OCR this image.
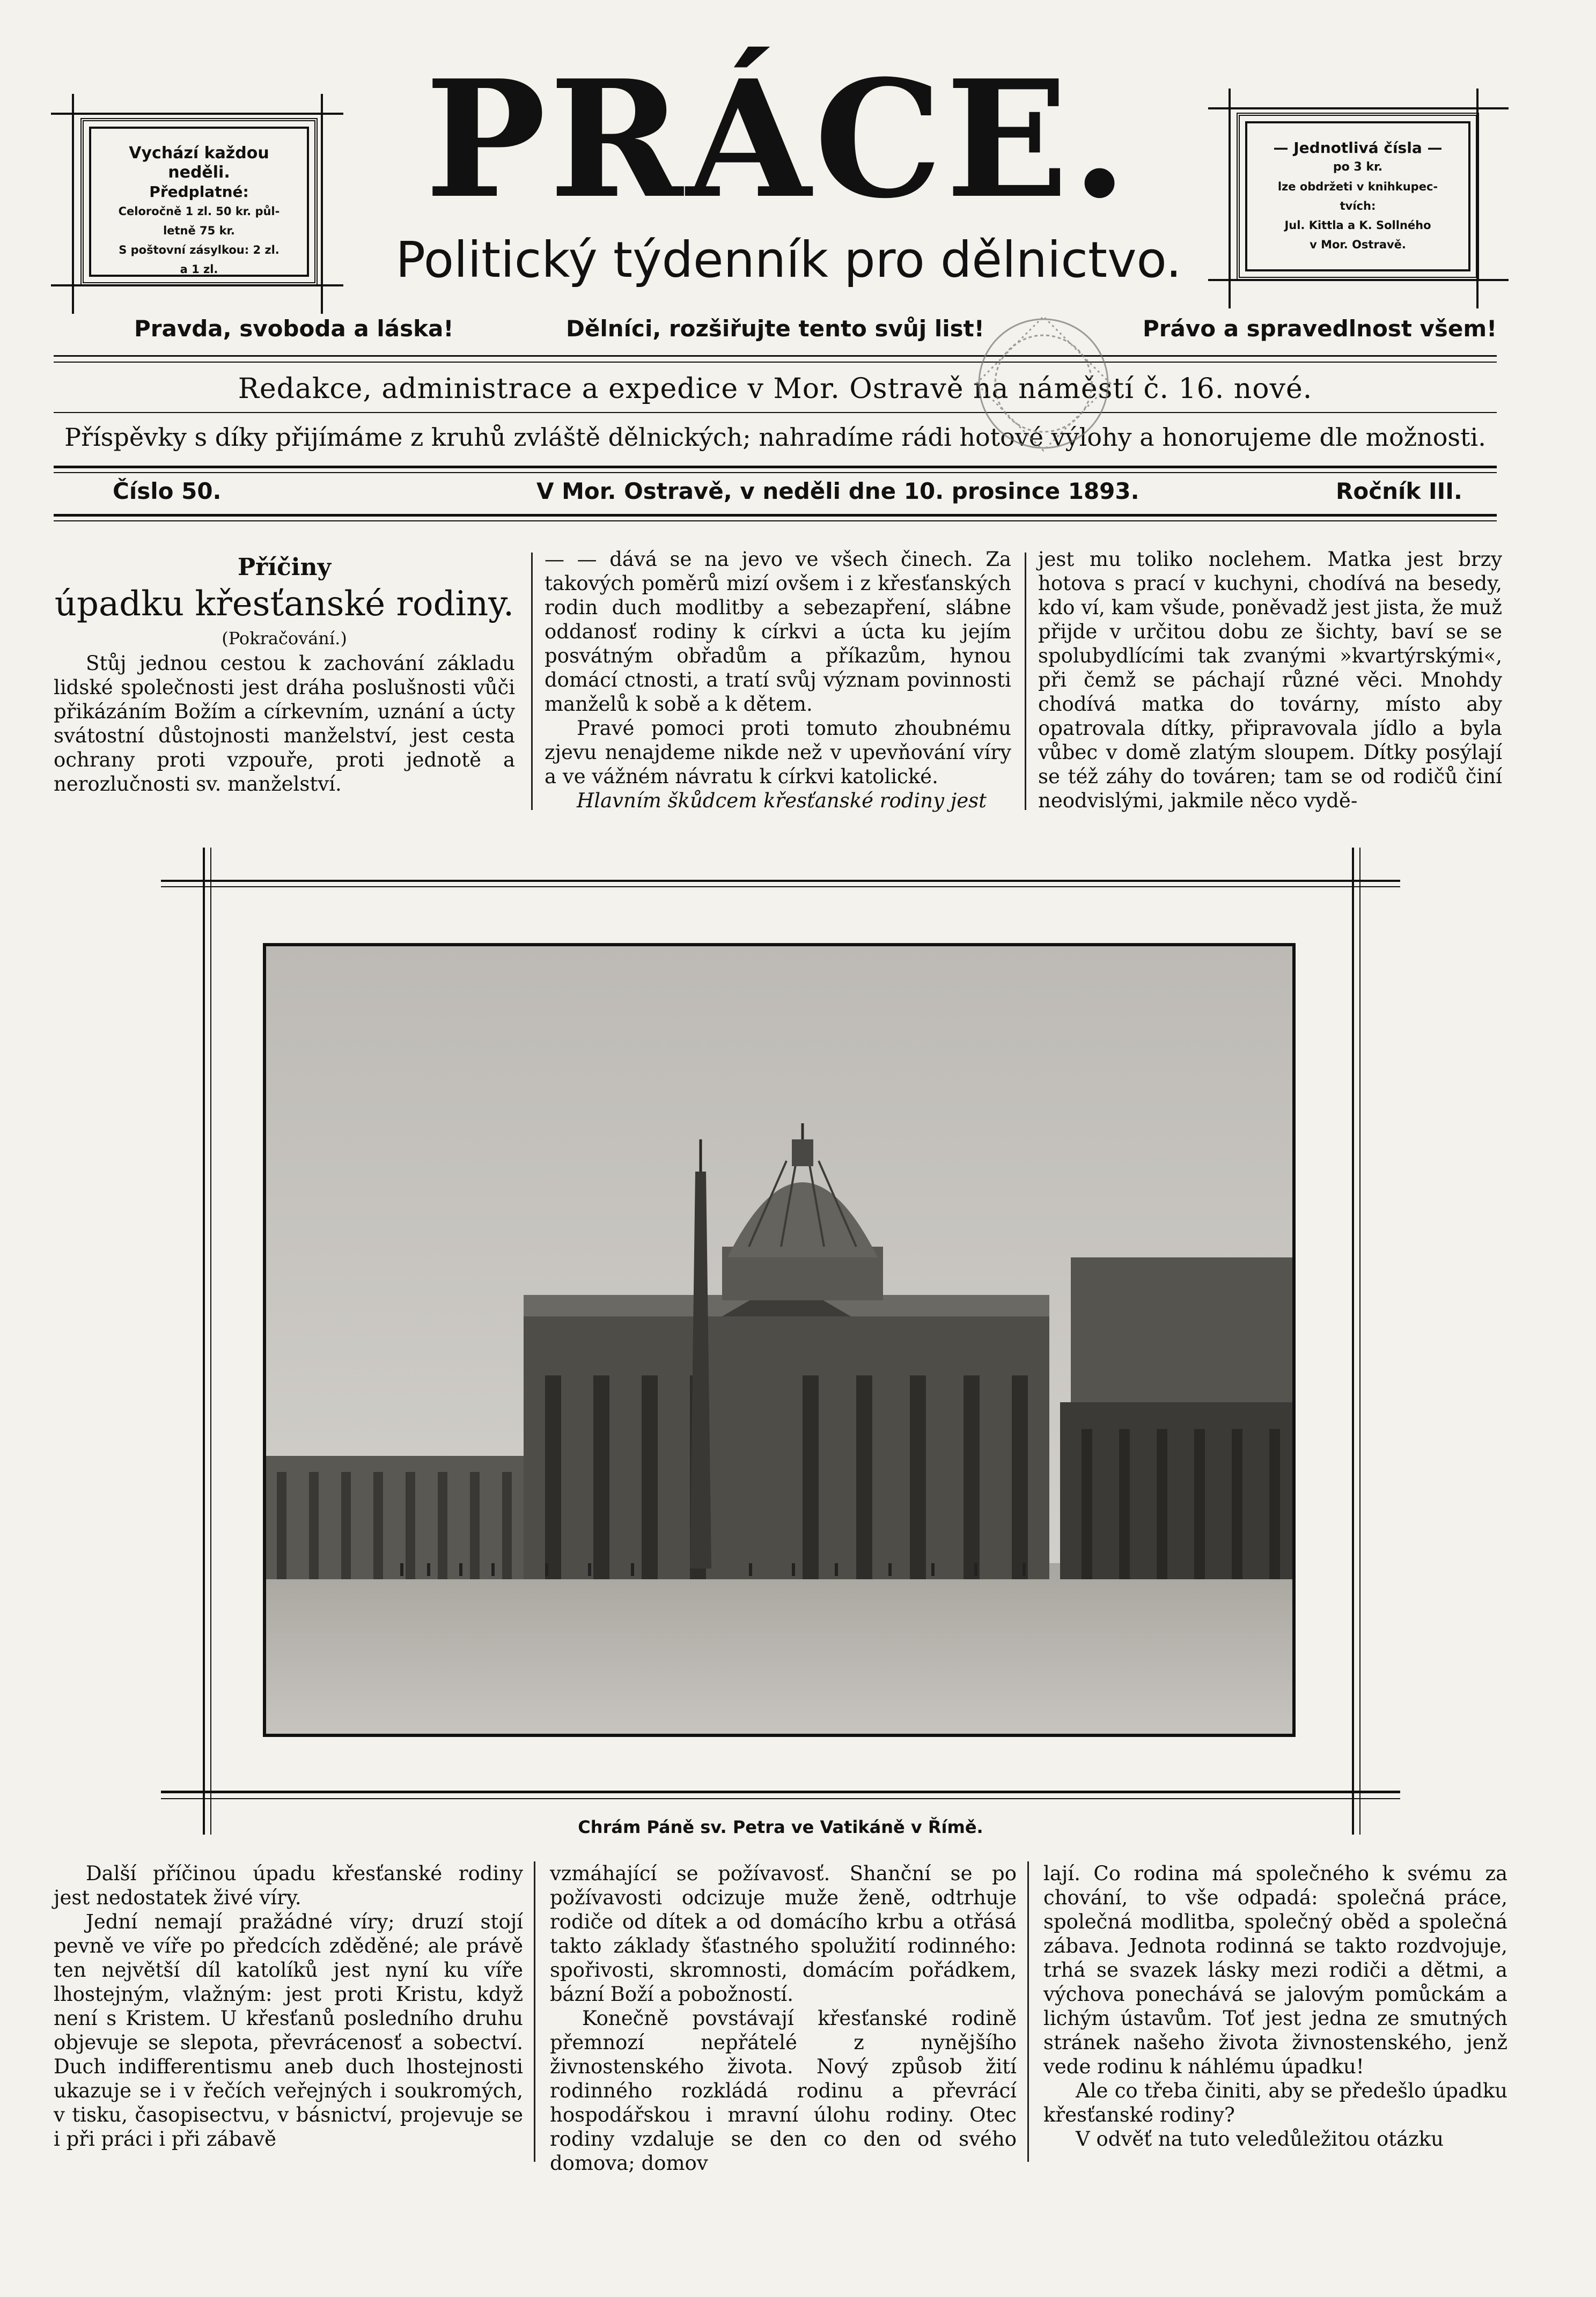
Vychází každou neděli.
Předplatné:
Celoročně 1 zl. 50 kr. půl-
letně 75 kr.
S poštovní zásylkou: 2 zl.
a 1 zl.
— Jednotlivá čísla —
po 3 kr.
lze obdržeti v knihkupec-
tvích:
Jul. Kittla a K. Sollného
v Mor. Ostravě.
PRÁCE.
Politický týdenník pro dělnictvo.
Pravda, svoboda a láska!	Dělníci, rozšiřujte tento svůj list!	Právo a spravedlnost všem!
Redakce, administrace a expedice v Mor. Ostravě na náměstí č. 16. nové.
Příspěvky s díky přijímáme z kruhů zvláště dělnických; nahradíme rádi hotové výlohy a honorujeme dle možnosti.
Číslo 50.	V Mor. Ostravě, v neděli dne 10. prosince 1893.	Ročník III.

Příčiny

úpadku křesťanské rodiny.

(Pokračování.)

Stůj jednou cestou k zachování základu lidské společnosti jest dráha poslušnosti vůči přikázáním Božím a církevním, uznání a úcty svátostní důstojnosti manželství, jest cesta ochrany proti vzpouře, proti jednotě a nerozlučnosti sv. manželství.

— — dává se na jevo ve všech činech. Za takových poměrů mizí ovšem i z křesťanských rodin duch modlitby a sebezapření, slábne oddanosť rodiny k církvi a úcta ku jejím posvátným obřadům a příkazům, hynou domácí ctnosti, a tratí svůj význam povinnosti manželů k sobě a k dětem.

Pravé pomoci proti tomuto zhoubnému zjevu nenajdeme nikde než v upevňování víry a ve vážném návratu k církvi katolické.

Hlavním škůdcem křesťanské rodiny jest

jest mu toliko noclehem. Matka jest brzy hotova s prací v kuchyni, chodívá na besedy, kdo ví, kam všude, poněvadž jest jista, že muž přijde v určitou dobu ze šichty, baví se se spolubydlícími tak zvanými »kvartýrskými«, při čemž se páchají různé věci. Mnohdy chodívá matka do továrny, místo aby opatrovala dítky, připravovala jídlo a byla vůbec v domě zlatým sloupem. Dítky posýlají se též záhy do továren; tam se od rodičů činí neodvislými, jakmile něco vydě-

Chrám Páně sv. Petra ve Vatikáně v Římě.

Další příčinou úpadu křesťanské rodiny jest nedostatek živé víry.

Jední nemají pražádné víry; druzí stojí pevně ve víře po předcích zděděné; ale právě ten největší díl katolíků jest nyní ku víře lhostejným, vlažným: jest proti Kristu, když není s Kristem. U křesťanů posledního druhu objevuje se slepota, převrácenosť a sobectví. Duch indifferentismu aneb duch lhostejnosti ukazuje se i v řečích veřejných i soukromých, v tisku, časopisectvu, v básnictví, projevuje se i při práci i při zábavě

vzmáhající se požívavosť. Shanční se po požívavosti odcizuje muže ženě, odtrhuje rodiče od dítek a od domácího krbu a otřásá takto základy šťastného spolužití rodinného: spořivosti, skromnosti, domácím pořádkem, bázní Boží a pobožností.

Konečně povstávají křesťanské rodině přemnozí nepřátelé z nynějšího živnostenského života. Nový způsob žití rodinného rozkládá rodinu a převrácí hospodářskou i mravní úlohu rodiny. Otec rodiny vzdaluje se den co den od svého domova; domov

lají. Co rodina má společného k svému za chování, to vše odpadá: společná práce, společná modlitba, společný oběd a společná zábava. Jednota rodinná se takto rozdvojuje, trhá se svazek lásky mezi rodiči a dětmi, a výchova ponechává se jalovým pomůckám a lichým ústavům. Toť jest jedna ze smutných stránek našeho života živnostenského, jenž vede rodinu k náhlému úpadku!

Ale co třeba činiti, aby se předešlo úpadku křesťanské rodiny?

V odvěť na tuto veledůležitou otázku
